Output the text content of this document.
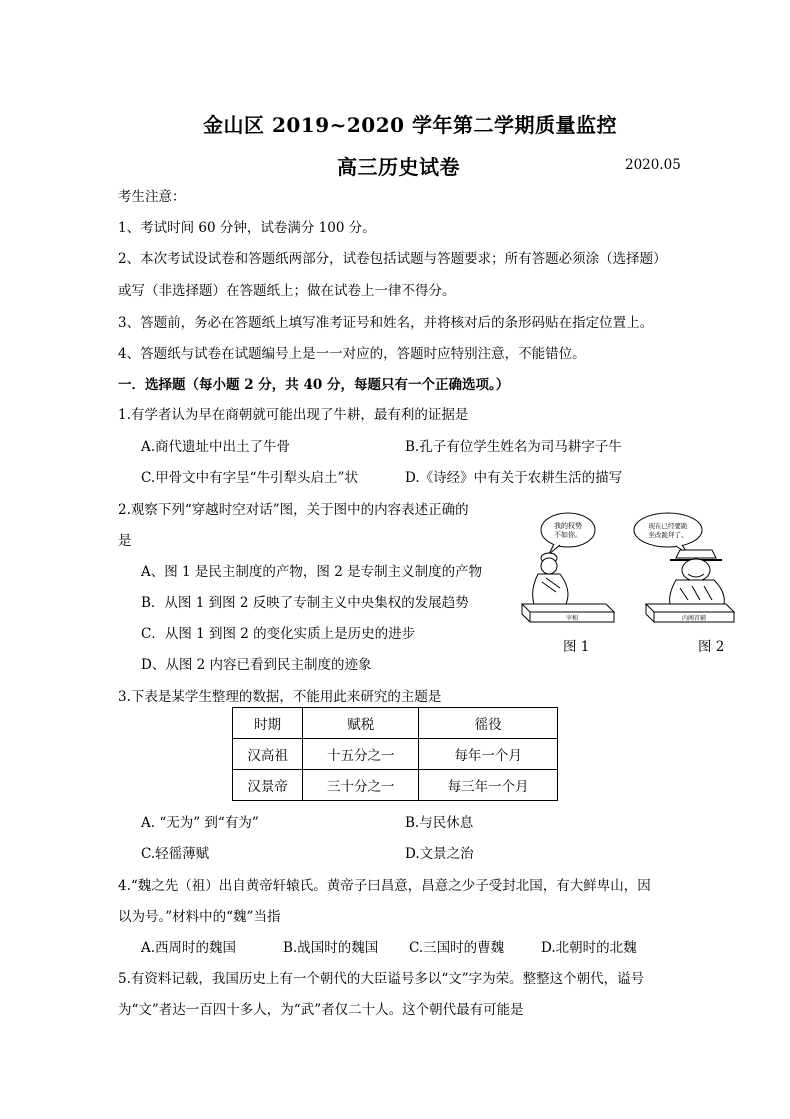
金山区 2019~2020 学年第二学期质量监控
高三历史试卷	2020.05
考生注意：
1、考试时间 60 分钟，试卷满分 100 分。
2、本次考试设试卷和答题纸两部分，试卷包括试题与答题要求；所有答题必须涂（选择题）
或写（非选择题）在答题纸上；做在试卷上一律不得分。
3、答题前，务必在答题纸上填写准考证号和姓名，并将核对后的条形码贴在指定位置上。
4、答题纸与试卷在试题编号上是一一对应的，答题时应特别注意，不能错位。
一．选择题（每小题 2 分，共 40 分，每题只有一个正确选项。）
1.有学者认为早在商朝就可能出现了牛耕，最有利的证据是
A.商代遗址中出土了牛骨	B.孔子有位学生姓名为司马耕字子牛
C.甲骨文中有字呈“牛引犁头启土”状	D.《诗经》中有关于农耕生活的描写
2.观察下列“穿越时空对话”图，关于图中的内容表述正确的
是
A、图 1 是民主制度的产物，图 2 是专制主义制度的产物
B．从图 1 到图 2 反映了专制主义中央集权的发展趋势
C．从图 1 到图 2 的变化实质上是历史的进步
D、从图 2 内容已看到民主制度的迹象
我的权势
不如你。
宰相
图 1
现在已经要跪
坐改跪拜了。
内阁首辅
图 2
3.下表是某学生整理的数据，不能用此来研究的主题是
时期	赋税	徭役
汉高祖	十五分之一	每年一个月
汉景帝	三十分之一	每三年一个月
A. “无为” 到“有为”	B.与民休息
C.轻徭薄赋	D.文景之治
4.“魏之先（祖）出自黄帝轩辕氏。黄帝子曰昌意，昌意之少子受封北国，有大鲜卑山，因
以为号。”材料中的“魏”当指
A.西周时的魏国	B.战国时的魏国 C.三国时的曹魏	D.北朝时的北魏
5.有资料记载，我国历史上有一个朝代的大臣谥号多以“文”字为荣。整整这个朝代，谥号
为“文”者达一百四十多人，为“武”者仅二十人。这个朝代最有可能是
